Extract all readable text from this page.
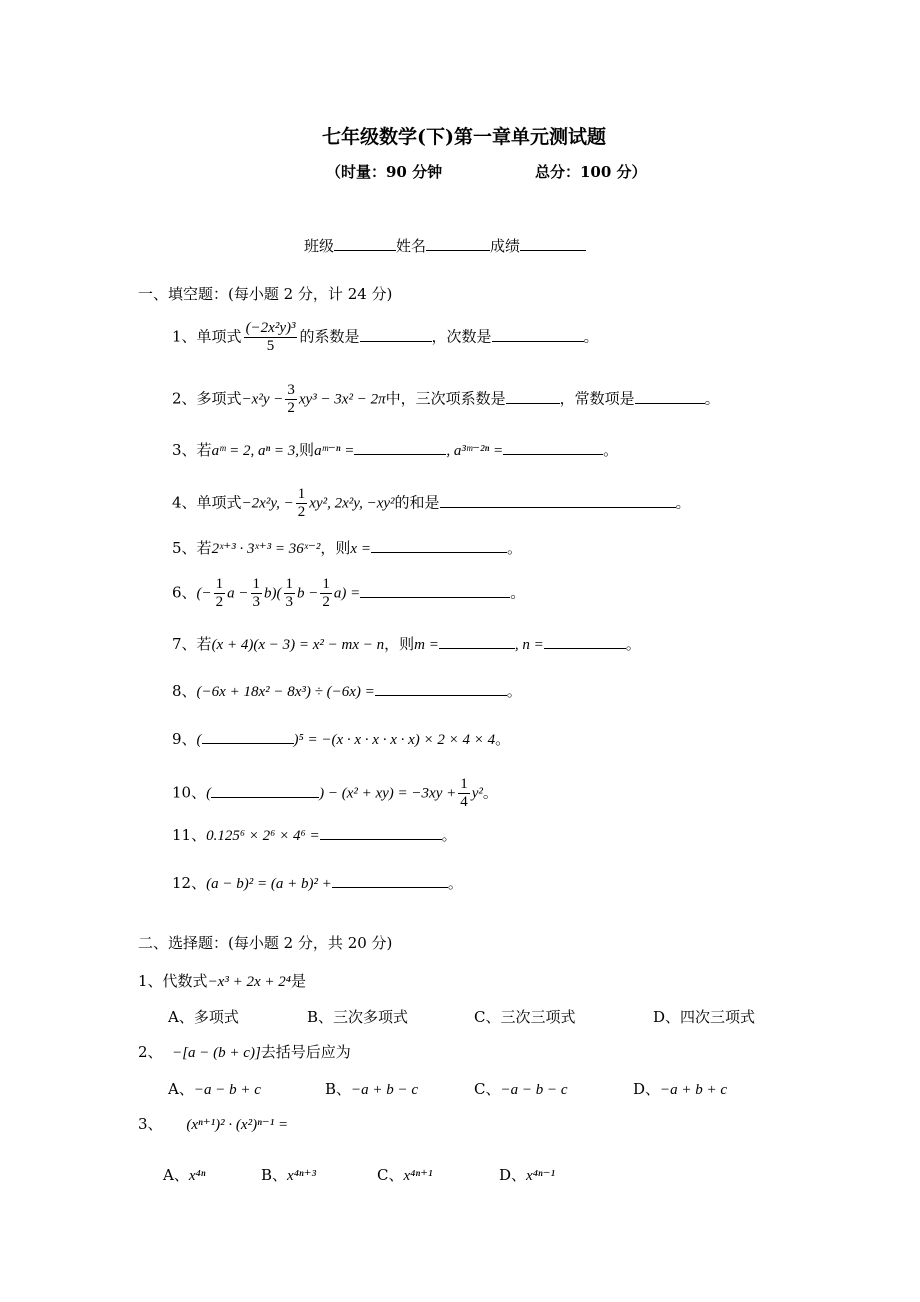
七年级数学(下)第一章单元测试题
（时量：90 分钟	总分：100 分）
班级	姓名	成绩
一、填空题：(每小题 2 分，计 24 分)
1、单项式 $\frac{\text{(−2x²y)³}}{5}$ 的系数是	，次数是	。
2、多项式$-x^2y - \frac{3}{2} xy^3 - 3x^2 - 2\pi$中，三次项系数是	，常数项是	。
3、若aᵐ = 2, aⁿ = 3,则aᵐ⁻ⁿ =	, a³ᵐ⁻²ⁿ =	。
4、单项式−2x²y, − $\frac{1}{2} xy^2$, 2x²y, −xy²的和是	。
5、若2ˣ⁺³ · 3ˣ⁺³ = 36ˣ⁻²，则x =	。
6、(− $\frac{1}{2}$ $a - \frac{1}{3} b)( \frac{1}{3}$ $b - \frac{1}{2} a$) =	。
7、若(x + 4)(x − 3) = x² − mx − n，则m =	, n =	。
8、(−6x + 18x² − 8x³) ÷ (−6x) =	。
9、(	)⁵ = −(x · x · x · x · x) × 2 × 4 × 4。
10、(	) − $(x^2 + xy) = -3xy + \frac{1}{4} y^2$。
11、0.125⁶ × 2⁶ × 4⁶ =	。
12、(a − b)² = (a + b)² +	。
二、选择题：(每小题 2 分，共 20 分)
1、代数式−x³ + 2x + 2⁴是
A、多项式	B、三次多项式	C、三次三项式	D、四次三项式
2、 −[a − (b + c)]去括号后应为
A、−a − b + c	B、−a + b − c	C、−a − b − c	D、−a + b + c
3、 (xⁿ⁺¹)² · (x²)ⁿ⁻¹ =
A、x⁴ⁿ	B、x⁴ⁿ⁺³	C、x⁴ⁿ⁺¹	D、x⁴ⁿ⁻¹
